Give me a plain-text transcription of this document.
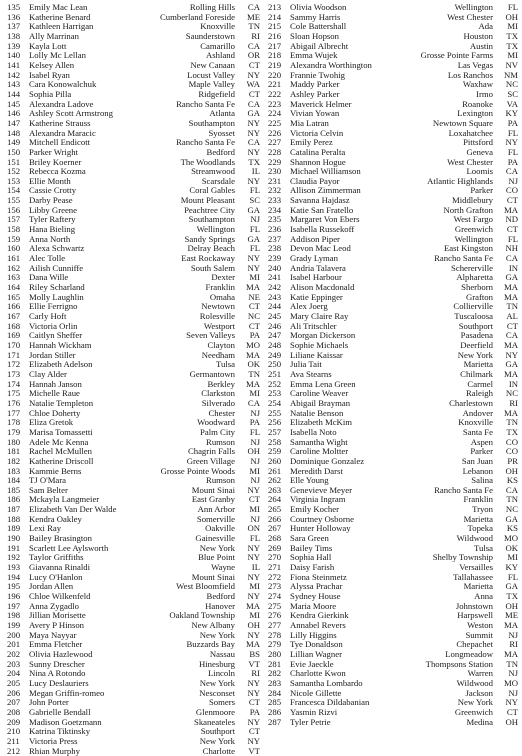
135 Emily Mac Lean	Rolling Hills	CA
136 Katherine Benard	Cumberland Foreside	ME
137 Kathleen Harrigan	Knoxville	TN
138 Ally Marrinan	Saunderstown	RI
139 Kayla Lott	Camarillo	CA
140 Lolly Mc Lellan	Ashland	OR
141 Kelsey Allen	New Canaan	CT
142 Isabel Ryan	Locust Valley	NY
143 Cara Konowalchuk	Maple Valley	WA
144 Sophia Pilla	Ridgefield	CT
145 Alexandra Ladove	Rancho Santa Fe	CA
146 Ashley Scott Armstrong	Atlanta	GA
147 Katherine Strauss	Southampton	NY
148 Alexandra Maracic	Syosset	NY
149 Mitchell Endicott	Rancho Santa Fe	CA
150 Parker Wright	Bedford	NY
151 Briley Koerner	The Woodlands	TX
152 Rebecca Kozma	Streamwood	IL
153 Ellie Month	Scarsdale	NY
154 Cassie Crotty	Coral Gables	FL
155 Darby Pease	Mount Pleasant	SC
156 Libby Greene	Peachtree City	GA
157 Tyler Raftery	Southampton	NJ
158 Hana Bieling	Wellington	FL
159 Anna North	Sandy Springs	GA
160 Alexa Schwartz	Delray Beach	FL
161 Alec Tolle	East Rockaway	NY
162 Ailish Cunniffe	South Salem	NY
163 Dana Wille	Dexter	MI
164 Riley Scharland	Franklin	MA
165 Molly Laughlin	Omaha	NE
166 Ellie Ferrigno	Newtown	CT
167 Carly Hoft	Rolesville	NC
168 Victoria Orlin	Westport	CT
169 Caitlyn Sheffer	Seven Valleys	PA
170 Hannah Wickham	Clayton	MO
171 Jordan Stiller	Needham	MA
172 Elizabeth Adelson	Tulsa	OK
173 Clay Alder	Germantown	TN
174 Hannah Janson	Berkley	MA
175 Michelle Raue	Clarkston	MI
176 Natalie Templeton	Silverado	CA
177 Chloe Doherty	Chester	NJ
178 Eliza Gretok	Woodward	PA
179 Marisa Tomassetti	Palm City	FL
180 Adele Mc Kenna	Rumson	NJ
181 Rachel McMullen	Chagrin Falls	OH
182 Katherine Driscoll	Green Village	NJ
183 Kammie Berns	Grosse Pointe Woods	MI
184 TJ O'Mara	Rumson	NJ
185 Sam Belter	Mount Sinai	NY
186 Mckayla Langmeier	East Granby	CT
187 Elizabeth Van Der Walde	Ann Arbor	MI
188 Kendra Oakley	Somerville	NJ
189 Lexi Ray	Oakville	ON
190 Bailey Brasington	Gainesville	FL
191 Scarlett Lee Aylsworth	New York	NY
192 Taylor Griffiths	Blue Point	NY
193 Giavanna Rinaldi	Wayne	IL
194 Lucy O'Hanlon	Mount Sinai	NY
195 Jordan Allen	West Bloomfield	MI
196 Chloe Wilkenfeld	Bedford	NY
197 Anna Zygadlo	Hanover	MA
198 Jillian Morisette	Oakland Township	MI
199 Avery P Hinson	New Albany	OH
200 Maya Nayyar	New York	NY
201 Emma Fletcher	Buzzards Bay	MA
202 Olivia Hazlewood	Nassau	BS
203 Sunny Drescher	Hinesburg	VT
204 Nina A Rotondo	Lincoln	RI
205 Lucy Deslauriers	New York	NY
206 Megan Griffin-romeo	Nesconset	NY
207 John Porter	Somers	CT
208 Gabrielle Bendall	Glenmoore	PA
209 Madison Goetzmann	Skaneateles	NY
210 Katrina Tiktinsky	Southport	CT
211 Victoria Press	New York	NY
212 Rhian Murphy	Charlotte	VT
213 Olivia Woodson	Wellington	FL
214 Sammy Harris	West Chester	OH
215 Cole Battershall	Ada	MI
216 Sloan Hopson	Houston	TX
217 Abigail Albrecht	Austin	TX
218 Emma Wujek	Grosse Pointe Farms	MI
219 Alexandra Worthington	Las Vegas	NV
220 Frannie Twohig	Los Ranchos	NM
221 Maddy Parker	Waxhaw	NC
222 Ashley Parker	Irmo	SC
223 Maverick Helmer	Roanoke	VA
224 Vivian Yowan	Lexington	KY
225 Mia Latran	Newtown Square	PA
226 Victoria Celvin	Loxahatchee	FL
227 Emily Perez	Pittsford	NY
228 Catalina Peralta	Geneva	FL
229 Shannon Hogue	West Chester	PA
230 Michael Williamson	Loomis	CA
231 Claudia Payor	Atlantic Highlands	NJ
232 Allison Zimmerman	Parker	CO
233 Savanna Hajdasz	Middlebury	CT
234 Katie San Fratello	North Grafton	MA
235 Margaret Von Ebers	West Fargo	ND
236 Isabella Russekoff	Greenwich	CT
237 Addison Piper	Wellington	FL
238 Devon Mac Leod	East Kingston	NH
239 Grady Lyman	Rancho Santa Fe	CA
240 Andria Talavera	Schererville	IN
241 Isabel Harbour	Alpharetta	GA
242 Alison Macdonald	Sherborn	MA
243 Katie Eppinger	Grafton	MA
244 Alex Joerg	Collierville	TN
245 Mary Claire Ray	Tuscaloosa	AL
246 Ali Tritschler	Southport	CT
247 Morgan Dickerson	Pasadena	CA
248 Sophie Michaels	Deerfield	MA
249 Liliane Kaissar	New York	NY
250 Julia Tait	Marietta	GA
251 Ava Stearns	Chilmark	MA
252 Emma Lena Green	Carmel	IN
253 Caroline Weaver	Raleigh	NC
254 Abigail Brayman	Charlestown	RI
255 Natalie Benson	Andover	MA
256 Elizabeth McKim	Knoxville	TN
257 Isabella Noto	Santa Fe	TX
258 Samantha Wight	Aspen	CO
259 Caroline Moltter	Parker	CO
260 Dominique Gonzalez	San Juan	PR
261 Meredith Darst	Lebanon	OH
262 Elle Young	Salina	KS
263 Genevieve Meyer	Rancho Santa Fe	CA
264 Virginia Ingram	Franklin	TN
265 Emily Kocher	Tryon	NC
266 Courtney Osborne	Marietta	GA
267 Hunter Holloway	Topeka	KS
268 Sara Green	Wildwood	MO
269 Bailey Tims	Tulsa	OK
270 Sophia Hall	Shelby Township	MI
271 Daisy Farish	Versailles	KY
272 Fiona Steinmetz	Tallahassee	FL
273 Alyssa Prachar	Marietta	GA
274 Sydney House	Anna	TX
275 Maria Moore	Johnstown	OH
276 Kendra Gierkink	Harpswell	ME
277 Annabel Revers	Weston	MA
278 Lilly Higgins	Summit	NJ
279 Tye Donaldson	Chepachet	RI
280 Lillian Wagner	Longmeadow	MA
281 Evie Jaeckle	Thompsons Station	TN
282 Charlotte Kwon	Warren	NJ
283 Samantha Lombardo	Wildwood	MO
284 Nicole Gillette	Jackson	NJ
285 Francesca Dildabanian	New York	NY
286 Yasmin Rizvi	Greenwich	CT
287 Tyler Petrie	Medina	OH
